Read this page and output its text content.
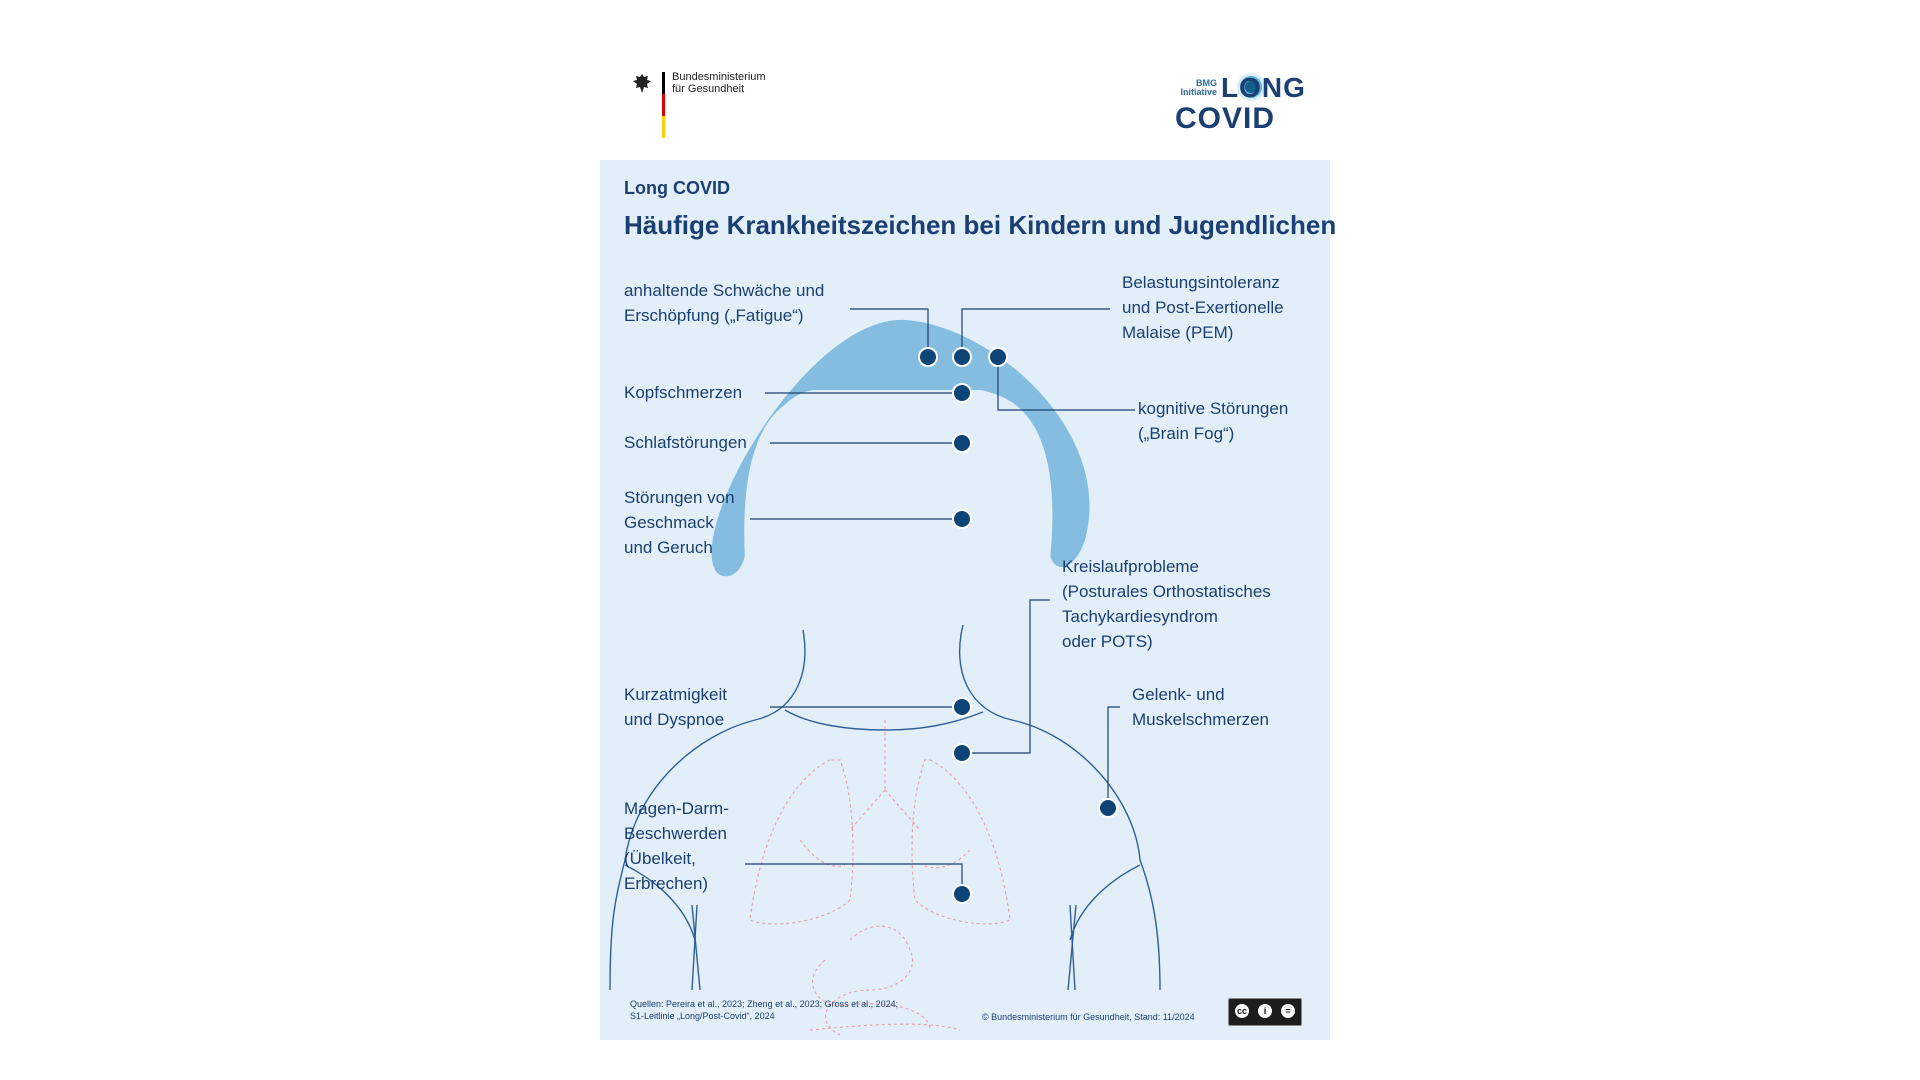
Bundesministerium
für Gesundheit	BMG
Initiative LONG
COVID
Long COVID
Häufige Krankheitszeichen bei Kindern und Jugendlichen
anhaltende Schwäche und
Erschöpfung („Fatigue“)
Belastungsintoleranz
und Post-Exertionelle
Malaise (PEM)
Kopfschmerzen
kognitive Störungen
(„Brain Fog“)
Schlafstörungen
Störungen von
Geschmack
und Geruch
Kreislaufprobleme
(Posturales Orthostatisches
Tachykardiesyndrom
oder POTS)
Kurzatmigkeit
und Dyspnoe
Gelenk- und
Muskelschmerzen
Magen-Darm-
Beschwerden
(Übelkeit,
Erbrechen)
Quellen: Pereira et al., 2023; Zheng et al., 2023; Gross et al., 2024;
S1-Leitlinie „Long/Post-Covid“, 2024	© Bundesministerium für Gesundheit, Stand: 11/2024
cc	i	=
